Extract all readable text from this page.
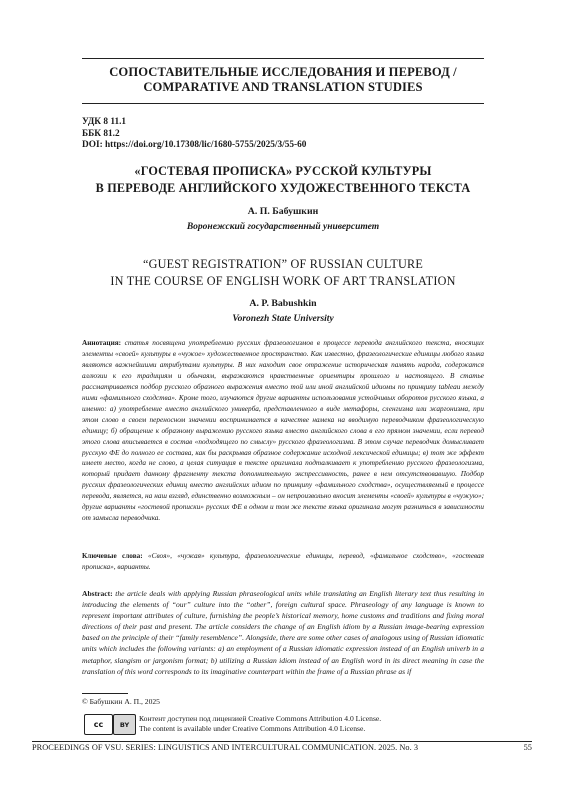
СОПОСТАВИТЕЛЬНЫЕ ИССЛЕДОВАНИЯ И ПЕРЕВОД /
COMPARATIVE AND TRANSLATION STUDIES
УДК 8 11.1
ББК 81.2
DOI: https://doi.org/10.17308/lic/1680-5755/2025/3/55-60
«ГОСТЕВАЯ ПРОПИСКА» РУССКОЙ КУЛЬТУРЫ
В ПЕРЕВОДЕ АНГЛИЙСКОГО ХУДОЖЕСТВЕННОГО ТЕКСТА
А. П. Бабушкин
Воронежский государственный университет
“GUEST REGISTRATION” OF RUSSIAN CULTURE
IN THE COURSE OF ENGLISH WORK OF ART TRANSLATION
A. P. Babushkin
Voronezh State University
Аннотация: статья посвящена употреблению русских фразеологизмов в процессе перевода английского текста, вносящих элементы «своей» культуры в «чужое» художественное пространство. Как известно, фразеологические единицы любого языка являются важнейшими атрибутами культуры. В них находит свое отражение историческая память народа, содержатся аллюзии к его традициям и обычаям, выражаются нравственные ориентиры прошлого и настоящего. В статье рассматривается подбор русского образного выражения вместо той или иной английской идиомы по принципу tableau между ними «фамильного сходства». Кроме того, изучаются другие варианты использования устойчивых оборотов русского языка, а именно: а) употребление вместо английского универба, представленного в виде метафоры, сленгизма или жаргонизма, при этом слово в своем переносном значении воспринимается в качестве намека на вводимую переводчиком фразеологическую единицу; б) обращение к образному выражению русского языка вместо английского слова в его прямом значении, если перевод этого слова вписывается в состав «подходящего по смыслу» русского фразеологизма. В этом случае переводчик домысливает русскую ФЕ до полного ее состава, как бы раскрывая образное содержание исходной лексической единицы; в) тот же эффект имеет место, когда не слово, а целая ситуация в тексте оригинала подталкивает к употреблению русского фразеологизма, который придает данному фрагменту текста дополнительную экспрессивность, ранее в нем отсутствовавшую. Подбор русских фразеологических единиц вместо английских идиом по принципу «фамильного сходства», осуществляемый в процессе перевода, является, на наш взгляд, единственно возможным – он непроизвольно вносит элементы «своей» культуры в «чужую»; другие варианты «гостевой прописки» русских ФЕ в одном и том же тексте языка оригинала могут разниться в зависимости от замысла переводчика.
Ключевые слова: «Своя», «чужая» культура, фразеологические единицы, перевод, «фамильное сходство», «гостевая прописка», варианты.
Abstract: the article deals with applying Russian phraseological units while translating an English literary text thus resulting in introducing the elements of “our” culture into the “other”, foreign cultural space. Phraseology of any language is known to represent important attributes of culture, furnishing the people’s historical memory, home customs and traditions and fixing moral directions of their past and present. The article considers the change of an English idiom by a Russian image-bearing expression based on the principle of their “family resemblence”. Alongside, there are some other cases of analogous using of Russian idiomatic units which includes the following variants: a) an employment of a Russian idiomatic expression instead of an English univerb in a metaphor, slangism or jargonism format; b) utilizing a Russian idiom instead of an English word in its direct meaning in case the translation of this word corresponds to its imaginative counterpart within the frame of a Russian phrase as if
© Бабушкин А. П., 2025
cc	BY
Контент доступен под лицензией Creative Commons Attribution 4.0 License.
The content is available under Creative Commons Attribution 4.0 License.
PROCEEDINGS OF VSU. SERIES: LINGUISTICS AND INTERCULTURAL COMMUNICATION. 2025. No. 3	55
